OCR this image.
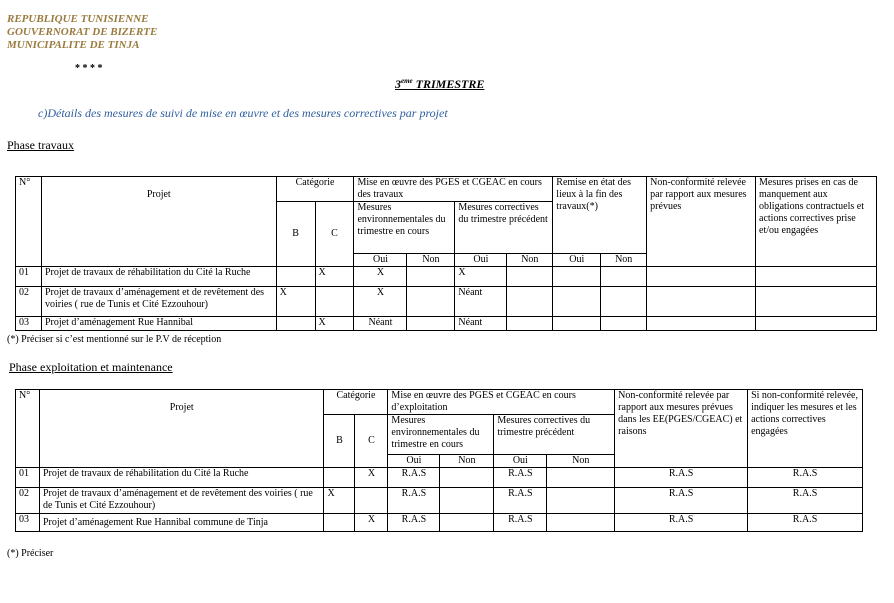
REPUBLIQUE TUNISIENNE
GOUVERNORAT DE BIZERTE
MUNICIPALITE DE TINJA
* * * *
3eme TRIMESTRE
c)Détails des mesures de suivi de mise en œuvre et des mesures correctives par projet
Phase travaux
N°	Projet	Catégorie		Mise en œuvre des PGES et CGEAC en cours des travaux				Remise en état des lieux à la fin des travaux(*)		Non-conformité relevée par rapport aux mesures prévues	Mesures prises en cas de manquement aux obligations contractuels et actions correctives prise et/ou engagées
		B	C	Mesures environnementales du trimestre en cours		Mesures correctives du trimestre précédent					
				Oui	Non	Oui	Non	Oui	Non		
01	Projet de travaux de réhabilitation du Cité la Ruche		X	X		X					
02	Projet de travaux d’aménagement et de revêtement des voiries ( rue de Tunis et Cité Ezzouhour)	X		X		Néant					
03	Projet d’aménagement Rue Hannibal		X	Néant		Néant					
(*) Préciser si c’est mentionné sur le P.V de réception
Phase exploitation et maintenance
N°	Projet	Catégorie		Mise en œuvre des PGES et CGEAC en cours d’exploitation				Non-conformité relevée par rapport aux mesures prévues dans les EE(PGES/CGEAC) et raisons	Si non-conformité relevée, indiquer les mesures et les actions correctives engagées
		B	C	Mesures environnementales du trimestre en cours		Mesures correctives du trimestre précédent			
				Oui	Non	Oui	Non		
01	Projet de travaux de réhabilitation du Cité la Ruche		X	R.A.S		R.A.S		R.A.S	R.A.S
02	Projet de travaux d’aménagement et de revêtement des voiries ( rue de Tunis et Cité Ezzouhour)	X		R.A.S		R.A.S		R.A.S	R.A.S
03	Projet d’aménagement Rue Hannibal commune de Tinja		X	R.A.S		R.A.S		R.A.S	R.A.S
(*) Préciser
